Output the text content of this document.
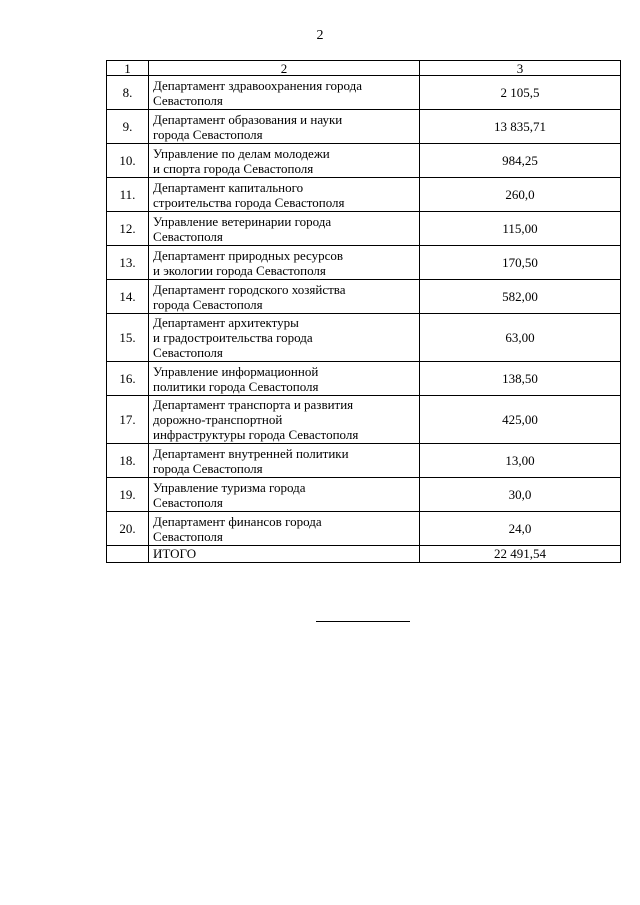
2
1	2	3
8.	Департамент здравоохранения города
Севастополя	2 105,5
9.	Департамент образования и науки
города Севастополя	13 835,71
10.	Управление по делам молодежи
и спорта города Севастополя	984,25
11.	Департамент капитального
строительства города Севастополя	260,0
12.	Управление ветеринарии города
Севастополя	115,00
13.	Департамент природных ресурсов
и экологии города Севастополя	170,50
14.	Департамент городского хозяйства
города Севастополя	582,00
15.	Департамент архитектуры
и градостроительства города
Севастополя	63,00
16.	Управление информационной
политики города Севастополя	138,50
17.	Департамент транспорта и развития
дорожно-транспортной
инфраструктуры города Севастополя	425,00
18.	Департамент внутренней политики
города Севастополя	13,00
19.	Управление туризма города
Севастополя	30,0
20.	Департамент финансов города
Севастополя	24,0
	ИТОГО	22 491,54
